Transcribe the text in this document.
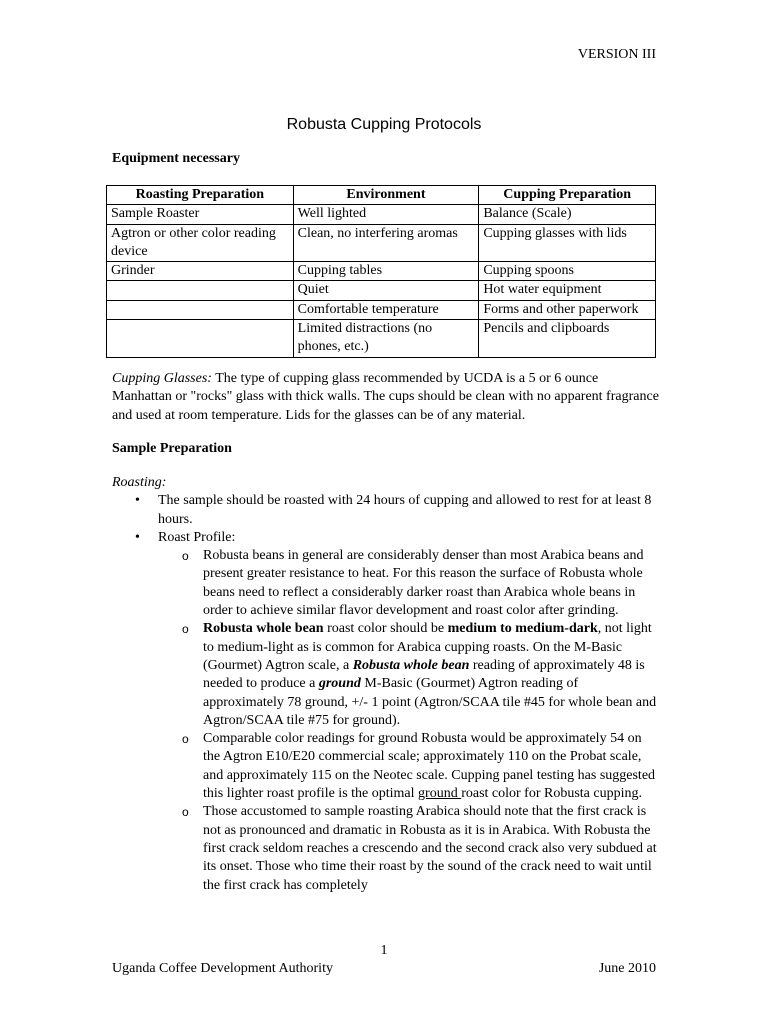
VERSION III
Robusta Cupping Protocols
Equipment necessary
Roasting Preparation	Environment	Cupping Preparation
Sample Roaster	Well lighted	Balance (Scale)
Agtron or other color reading device	Clean, no interfering aromas	Cupping glasses with lids
Grinder	Cupping tables	Cupping spoons
	Quiet	Hot water equipment
	Comfortable temperature	Forms and other paperwork
	Limited distractions (no phones, etc.)	Pencils and clipboards
Cupping Glasses: The type of cupping glass recommended by UCDA is a 5 or 6 ounce Manhattan or "rocks" glass with thick walls. The cups should be clean with no apparent fragrance and used at room temperature. Lids for the glasses can be of any material.
Sample Preparation
Roasting:
• The sample should be roasted with 24 hours of cupping and allowed to rest for at least 8 hours.
• Roast Profile:
o Robusta beans in general are considerably denser than most Arabica beans and present greater resistance to heat. For this reason the surface of Robusta whole beans need to reflect a considerably darker roast than Arabica whole beans in order to achieve similar flavor development and roast color after grinding.
o Robusta whole bean roast color should be medium to medium-dark, not light to medium-light as is common for Arabica cupping roasts. On the M-Basic (Gourmet) Agtron scale, a Robusta whole bean reading of approximately 48 is needed to produce a ground M-Basic (Gourmet) Agtron reading of approximately 78 ground, +/- 1 point (Agtron/SCAA tile #45 for whole bean and Agtron/SCAA tile #75 for ground).
o Comparable color readings for ground Robusta would be approximately 54 on the Agtron E10/E20 commercial scale; approximately 110 on the Probat scale, and approximately 115 on the Neotec scale. Cupping panel testing has suggested this lighter roast profile is the optimal ground roast color for Robusta cupping.
o Those accustomed to sample roasting Arabica should note that the first crack is not as pronounced and dramatic in Robusta as it is in Arabica. With Robusta the first crack seldom reaches a crescendo and the second crack also very subdued at its onset. Those who time their roast by the sound of the crack need to wait until the first crack has completely
1
Uganda Coffee Development Authority	June 2010
